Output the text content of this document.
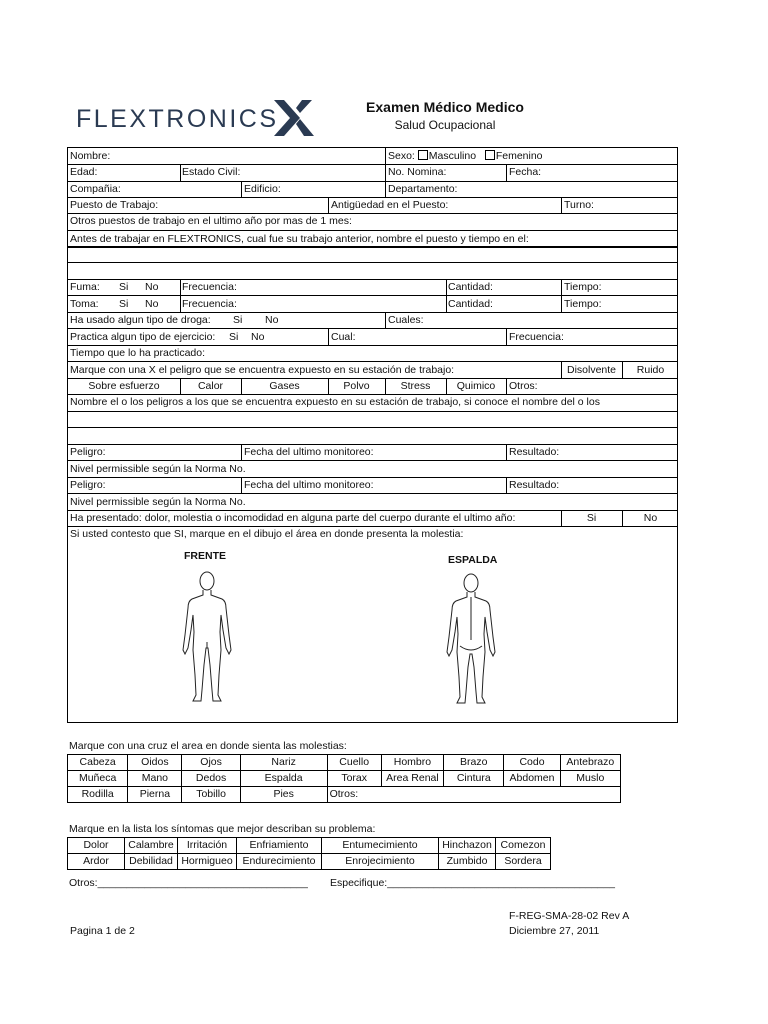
FLEXTRONICS	Examen Médico Medico
Salud Ocupacional
Nombre:	Sexo: Masculino Femenino
Edad:	Estado Civil:	No. Nomina:	Fecha:
Compañia:	Edificio:	Departamento:
Puesto de Trabajo:	Antigüedad en el Puesto:	Turno:
Otros puestos de trabajo en el ultimo año por mas de 1 mes:
Antes de trabajar en FLEXTRONICS, cual fue su trabajo anterior, nombre el puesto y tiempo en el:
Fuma: Si No Frecuencia:	Cantidad:	Tiempo:
Toma: Si No Frecuencia:	Cantidad:	Tiempo:
Ha usado algun tipo de droga: Si No	Cuales:
Practica algun tipo de ejercicio: Si No	Cual:	Frecuencia:
Tiempo que lo ha practicado:
Marque con una X el peligro que se encuentra expuesto en su estación de trabajo:	Disolvente	Ruido
Sobre esfuerzo	Calor	Gases	Polvo	Stress	Quimico	Otros:
Nombre el o los peligros a los que se encuentra expuesto en su estación de trabajo, si conoce el nombre del o los
Peligro:	Fecha del ultimo monitoreo:	Resultado:
Nivel permissible según la Norma No.
Peligro:	Fecha del ultimo monitoreo:	Resultado:
Nivel permissible según la Norma No.
Ha presentado: dolor, molestia o incomodidad en alguna parte del cuerpo durante el ultimo año:	Si	No
Si usted contesto que SI, marque en el dibujo el área en donde presenta la molestia:
FRENTE	ESPALDA
Marque con una cruz el area en donde sienta las molestias:
Cabeza	Oidos	Ojos	Nariz	Cuello	Hombro	Brazo	Codo	Antebrazo
Muñeca	Mano	Dedos	Espalda	Torax	Area Renal	Cintura	Abdomen	Muslo
Rodilla	Pierna	Tobillo	Pies	Otros:				
Marque en la lista los síntomas que mejor describan su problema:
Dolor	Calambre	Irritación	Enfriamiento	Entumecimiento	Hinchazon	Comezon
Ardor	Debilidad	Hormigueo	Endurecimiento	Enrojecimiento	Zumbido	Sordera
Otros:____________________________________ Especifique:_______________________________________
F-REG-SMA-28-02 Rev A
Diciembre 27, 2011
Pagina 1 de 2
